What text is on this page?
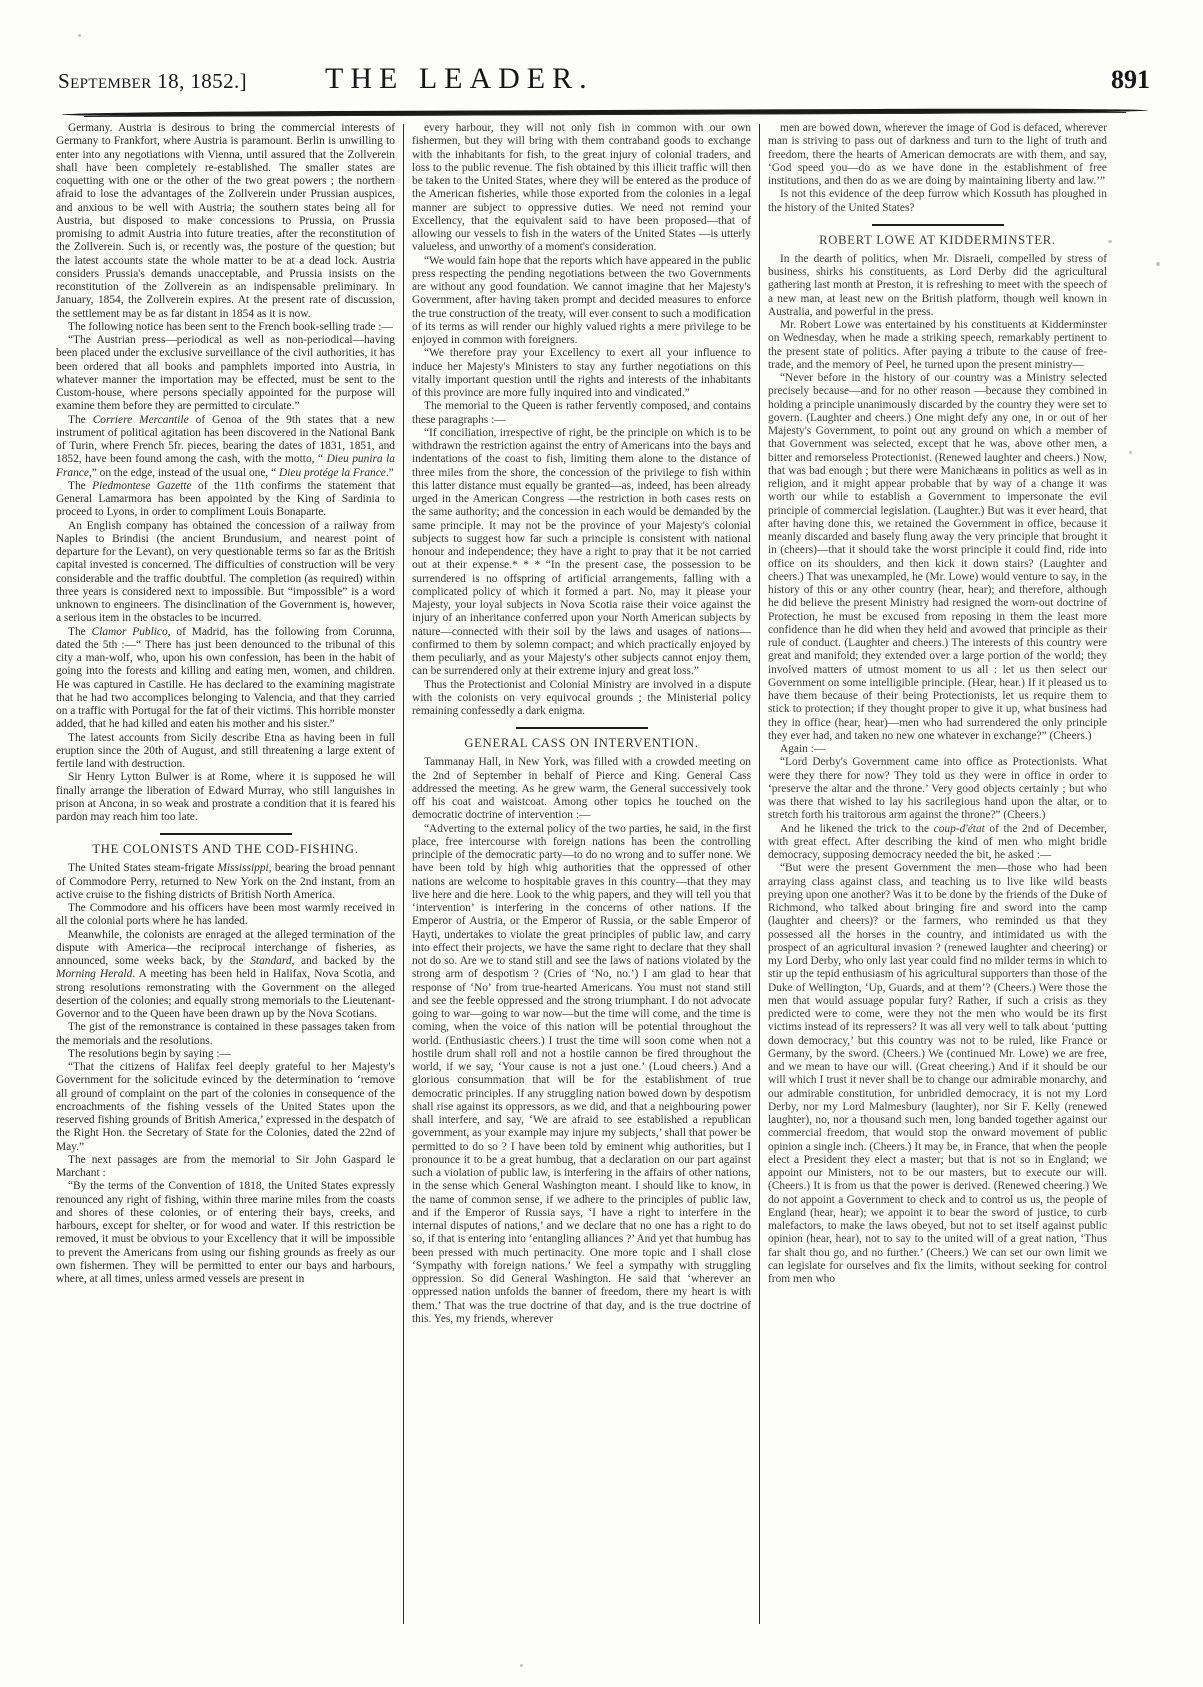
September 18, 1852.]	THE LEADER.	891

Germany. Austria is desirous to bring the commercial interests of Germany to Frankfort, where Austria is paramount. Berlin is unwilling to enter into any negotiations with Vienna, until assured that the Zollverein shall have been completely re-established. The smaller states are coquetting with one or the other of the two great powers ; the northern afraid to lose the advantages of the Zollverein under Prussian auspices, and anxious to be well with Austria; the southern states being all for Austria, but disposed to make concessions to Prussia, on Prussia promising to admit Austria into future treaties, after the reconstitution of the Zollverein. Such is, or recently was, the posture of the question; but the latest accounts state the whole matter to be at a dead lock. Austria considers Prussia's demands unacceptable, and Prussia insists on the reconstitution of the Zollverein as an indispensable preliminary. In January, 1854, the Zollverein expires. At the present rate of discussion, the settlement may be as far distant in 1854 as it is now.

The following notice has been sent to the French book-selling trade :—

“The Austrian press—periodical as well as non-periodical—having been placed under the exclusive surveillance of the civil authorities, it has been ordered that all books and pamphlets imported into Austria, in whatever manner the importation may be effected, must be sent to the Custom-house, where persons specially appointed for the purpose will examine them before they are permitted to circulate.”

The Corriere Mercantile of Genoa of the 9th states that a new instrument of political agitation has been discovered in the National Bank of Turin, where French 5fr. pieces, bearing the dates of 1831, 1851, and 1852, have been found among the cash, with the motto, “ Dieu punira la France,” on the edge, instead of the usual one, “ Dieu protége la France.”

The Piedmontese Gazette of the 11th confirms the statement that General Lamarmora has been appointed by the King of Sardinia to proceed to Lyons, in order to compliment Louis Bonaparte.

An English company has obtained the concession of a railway from Naples to Brindisi (the ancient Brundusium, and nearest point of departure for the Levant), on very questionable terms so far as the British capital invested is concerned. The difficulties of construction will be very considerable and the traffic doubtful. The completion (as required) within three years is considered next to impossible. But “impossible” is a word unknown to engineers. The disinclination of the Government is, however, a serious item in the obstacles to be incurred.

The Clamor Publico, of Madrid, has the following from Corunna, dated the 5th :—“ There has just been denounced to the tribunal of this city a man-wolf, who, upon his own confession, has been in the habit of going into the forests and killing and eating men, women, and children. He was captured in Castille. He has declared to the examining magistrate that he had two accomplices belonging to Valencia, and that they carried on a traffic with Portugal for the fat of their victims. This horrible monster added, that he had killed and eaten his mother and his sister.”

The latest accounts from Sicily describe Etna as having been in full eruption since the 20th of August, and still threatening a large extent of fertile land with destruction.

Sir Henry Lytton Bulwer is at Rome, where it is supposed he will finally arrange the liberation of Edward Murray, who still languishes in prison at Ancona, in so weak and prostrate a condition that it is feared his pardon may reach him too late.

THE COLONISTS AND THE COD-FISHING.

The United States steam-frigate Mississippi, bearing the broad pennant of Commodore Perry, returned to New York on the 2nd instant, from an active cruise to the fishing districts of British North America.

The Commodore and his officers have been most warmly received in all the colonial ports where he has landed.

Meanwhile, the colonists are enraged at the alleged termination of the dispute with America—the reciprocal interchange of fisheries, as announced, some weeks back, by the Standard, and backed by the Morning Herald. A meeting has been held in Halifax, Nova Scotia, and strong resolutions remonstrating with the Government on the alleged desertion of the colonies; and equally strong memorials to the Lieutenant-Governor and to the Queen have been drawn up by the Nova Scotians.

The gist of the remonstrance is contained in these passages taken from the memorials and the resolutions.

The resolutions begin by saying :—

“That the citizens of Halifax feel deeply grateful to her Majesty's Government for the solicitude evinced by the determination to ‘remove all ground of complaint on the part of the colonies in consequence of the encroachments of the fishing vessels of the United States upon the reserved fishing grounds of British America,’ expressed in the despatch of the Right Hon. the Secretary of State for the Colonies, dated the 22nd of May.”

The next passages are from the memorial to Sir John Gaspard le Marchant :

“By the terms of the Convention of 1818, the United States expressly renounced any right of fishing, within three marine miles from the coasts and shores of these colonies, or of entering their bays, creeks, and harbours, except for shelter, or for wood and water. If this restriction be removed, it must be obvious to your Excellency that it will be impossible to prevent the Americans from using our fishing grounds as freely as our own fishermen. They will be permitted to enter our bays and harbours, where, at all times, unless armed vessels are present in

every harbour, they will not only fish in common with our own fishermen, but they will bring with them contraband goods to exchange with the inhabitants for fish, to the great injury of colonial traders, and loss to the public revenue. The fish obtained by this illicit traffic will then be taken to the United States, where they will be entered as the produce of the American fisheries, while those exported from the colonies in a legal manner are subject to oppressive duties. We need not remind your Excellency, that the equivalent said to have been proposed—that of allowing our vessels to fish in the waters of the United States —is utterly valueless, and unworthy of a moment's consideration.

“We would fain hope that the reports which have appeared in the public press respecting the pending negotiations between the two Governments are without any good foundation. We cannot imagine that her Majesty's Government, after having taken prompt and decided measures to enforce the true construction of the treaty, will ever consent to such a modification of its terms as will render our highly valued rights a mere privilege to be enjoyed in common with foreigners.

“We therefore pray your Excellency to exert all your influence to induce her Majesty's Ministers to stay any further negotiations on this vitally important question until the rights and interests of the inhabitants of this province are more fully inquired into and vindicated.”

The memorial to the Queen is rather fervently composed, and contains these paragraphs :—

“If conciliation, irrespective of right, be the principle on which is to be withdrawn the restriction against the entry of Americans into the bays and indentations of the coast to fish, limiting them alone to the distance of three miles from the shore, the concession of the privilege to fish within this latter distance must equally be granted—as, indeed, has been already urged in the American Congress —the restriction in both cases rests on the same authority; and the concession in each would be demanded by the same principle. It may not be the province of your Majesty's colonial subjects to suggest how far such a principle is consistent with national honour and independence; they have a right to pray that it be not carried out at their expense.* * * “In the present case, the possession to be surrendered is no offspring of artificial arrangements, falling with a complicated policy of which it formed a part. No, may it please your Majesty, your loyal subjects in Nova Scotia raise their voice against the injury of an inheritance conferred upon your North American subjects by nature—connected with their soil by the laws and usages of nations—confirmed to them by solemn compact; and which practically enjoyed by them peculiarly, and as your Majesty's other subjects cannot enjoy them, can be surrendered only at their extreme injury and great loss.”

Thus the Protectionist and Colonial Ministry are involved in a dispute with the colonists on very equivocal grounds ; the Ministerial policy remaining confessedly a dark enigma.

GENERAL CASS ON INTERVENTION.

Tammanay Hall, in New York, was filled with a crowded meeting on the 2nd of September in behalf of Pierce and King. General Cass addressed the meeting. As he grew warm, the General successively took off his coat and waistcoat. Among other topics he touched on the democratic doctrine of intervention :—

“Adverting to the external policy of the two parties, he said, in the first place, free intercourse with foreign nations has been the controlling principle of the democratic party—to do no wrong and to suffer none. We have been told by high whig authorities that the oppressed of other nations are welcome to hospitable graves in this country—that they may live here and die here. Look to the whig papers, and they will tell you that ‘intervention’ is interfering in the concerns of other nations. If the Emperor of Austria, or the Emperor of Russia, or the sable Emperor of Hayti, undertakes to violate the great principles of public law, and carry into effect their projects, we have the same right to declare that they shall not do so. Are we to stand still and see the laws of nations violated by the strong arm of despotism ? (Cries of ‘No, no.’) I am glad to hear that response of ‘No’ from true-hearted Americans. You must not stand still and see the feeble oppressed and the strong triumphant. I do not advocate going to war—going to war now—but the time will come, and the time is coming, when the voice of this nation will be potential throughout the world. (Enthusiastic cheers.) I trust the time will soon come when not a hostile drum shall roll and not a hostile cannon be fired throughout the world, if we say, ‘Your cause is not a just one.’ (Loud cheers.) And a glorious consummation that will be for the establishment of true democratic principles. If any struggling nation bowed down by despotism shall rise against its oppressors, as we did, and that a neighbouring power shall interfere, and say, ‘We are afraid to see established a republican government, as your example may injure my subjects,’ shall that power be permitted to do so ? I have been told by eminent whig authorities, but I pronounce it to be a great humbug, that a declaration on our part against such a violation of public law, is interfering in the affairs of other nations, in the sense which General Washington meant. I should like to know, in the name of common sense, if we adhere to the principles of public law, and if the Emperor of Russia says, ‘I have a right to interfere in the internal disputes of nations,’ and we declare that no one has a right to do so, if that is entering into ‘entangling alliances ?’ And yet that humbug has been pressed with much pertinacity. One more topic and I shall close ‘Sympathy with foreign nations.’ We feel a sympathy with struggling oppression. So did General Washington. He said that ‘wherever an oppressed nation unfolds the banner of freedom, there my heart is with them.’ That was the true doctrine of that day, and is the true doctrine of this. Yes, my friends, wherever

men are bowed down, wherever the image of God is defaced, wherever man is striving to pass out of darkness and turn to the light of truth and freedom, there the hearts of American democrats are with them, and say, ‘God speed you—do as we have done in the establishment of free institutions, and then do as we are doing by maintaining liberty and law.’”

Is not this evidence of the deep furrow which Kossuth has ploughed in the history of the United States?

ROBERT LOWE AT KIDDERMINSTER.

In the dearth of politics, when Mr. Disraeli, compelled by stress of business, shirks his constituents, as Lord Derby did the agricultural gathering last month at Preston, it is refreshing to meet with the speech of a new man, at least new on the British platform, though well known in Australia, and powerful in the press.

Mr. Robert Lowe was entertained by his constituents at Kidderminster on Wednesday, when he made a striking speech, remarkably pertinent to the present state of politics. After paying a tribute to the cause of free-trade, and the memory of Peel, he turned upon the present ministry—

“Never before in the history of our country was a Ministry selected precisely because—and for no other reason —because they combined in holding a principle unanimously discarded by the country they were set to govern. (Laughter and cheers.) One might defy any one, in or out of her Majesty's Government, to point out any ground on which a member of that Government was selected, except that he was, above other men, a bitter and remorseless Protectionist. (Renewed laughter and cheers.) Now, that was bad enough ; but there were Manichæans in politics as well as in religion, and it might appear probable that by way of a change it was worth our while to establish a Government to impersonate the evil principle of commercial legislation. (Laughter.) But was it ever heard, that after having done this, we retained the Government in office, because it meanly discarded and basely flung away the very principle that brought it in (cheers)—that it should take the worst principle it could find, ride into office on its shoulders, and then kick it down stairs? (Laughter and cheers.) That was unexampled, he (Mr. Lowe) would venture to say, in the history of this or any other country (hear, hear); and therefore, although he did believe the present Ministry had resigned the worn-out doctrine of Protection, he must be excused from reposing in them the least more confidence than he did when they held and avowed that principle as their rule of conduct. (Laughter and cheers.) The interests of this country were great and manifold; they extended over a large portion of the world; they involved matters of utmost moment to us all : let us then select our Government on some intelligible principle. (Hear, hear.) If it pleased us to have them because of their being Protectionists, let us require them to stick to protection; if they thought proper to give it up, what business had they in office (hear, hear)—men who had surrendered the only principle they ever had, and taken no new one whatever in exchange?” (Cheers.)

Again :—

“Lord Derby's Government came into office as Protectionists. What were they there for now? They told us they were in office in order to ‘preserve the altar and the throne.’ Very good objects certainly ; but who was there that wished to lay his sacrilegious hand upon the altar, or to stretch forth his traitorous arm against the throne?” (Cheers.)

And he likened the trick to the coup-d'état of the 2nd of December, with great effect. After describing the kind of men who might bridle democracy, supposing democracy needed the bit, he asked :—

“But were the present Government the men—those who had been arraying class against class, and teaching us to live like wild beasts preying upon one another? Was it to be done by the friends of the Duke of Richmond, who talked about bringing fire and sword into the camp (laughter and cheers)? or the farmers, who reminded us that they possessed all the horses in the country, and intimidated us with the prospect of an agricultural invasion ? (renewed laughter and cheering) or my Lord Derby, who only last year could find no milder terms in which to stir up the tepid enthusiasm of his agricultural supporters than those of the Duke of Wellington, ‘Up, Guards, and at them’? (Cheers.) Were those the men that would assuage popular fury? Rather, if such a crisis as they predicted were to come, were they not the men who would be its first victims instead of its repressers? It was all very well to talk about ‘putting down democracy,’ but this country was not to be ruled, like France or Germany, by the sword. (Cheers.) We (continued Mr. Lowe) we are free, and we mean to have our will. (Great cheering.) And if it should be our will which I trust it never shall be to change our admirable monarchy, and our admirable constitution, for unbridled democracy, it is not my Lord Derby, nor my Lord Malmesbury (laughter), nor Sir F. Kelly (renewed laughter), no, nor a thousand such men, long banded together against our commercial freedom, that would stop the onward movement of public opinion a single inch. (Cheers.) It may be, in France, that when the people elect a President they elect a master; but that is not so in England; we appoint our Ministers, not to be our masters, but to execute our will. (Cheers.) It is from us that the power is derived. (Renewed cheering.) We do not appoint a Government to check and to control us us, the people of England (hear, hear); we appoint it to bear the sword of justice, to curb malefactors, to make the laws obeyed, but not to set itself against public opinion (hear, hear), not to say to the united will of a great nation, ‘Thus far shalt thou go, and no further.’ (Cheers.) We can set our own limit we can legislate for ourselves and fix the limits, without seeking for control from men who
